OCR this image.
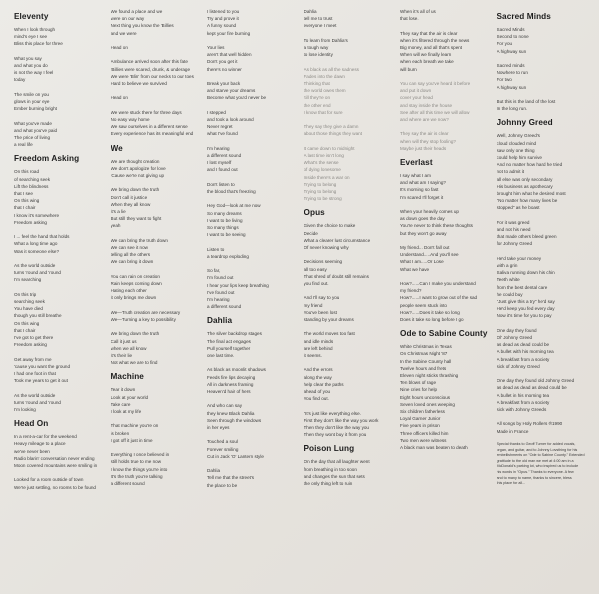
Eleventy
When I look through
mind's eye I see
Bliss this place for three
What you say
and what you do
is not the way I feel
today
The smile on you
glows in your eye
Ember burning bright
What you've made
and what you've paid
The price of living
a real life
Freedom Asking
On this road
of searching seek
Lift the blindness
that I see
On this wing
that I chair
I know it's somewhere
Freedom asking
I ... feel the hand that holds
What a long time ago
Was it someone else?
As the world outside
turns 'round and 'round
I'm searching
On this trip
searching seek
You have died
though you still breathe
On this wing
that I chair
I've got to get there
Freedom asking
Get away from me
'cause you want the ground
I had one foot in that
Took me years to get it out
As the world outside
turns 'round and 'round
I'm looking
Head On
In a rent-a-car for the weekend
Heavy mileage to a place
we've never been
Radio blarin' conversation never ending
Moon covered mountains were smiling in
Looked for a room outside of town
We're just settling, no rooms to be found
We found a place and we
were on our way
Next thing you know the 'Billies
and we were
Head on
Ambulance arrived soon after this fate
'Billies were scared, drunk, & underage
We were 'Blin' from our necks to our toes
Hard to believe we survived
Head on
We were stuck there for three days
No easy way home
We saw ourselves in a different sense
Every experience has its meaningful end
We
We are thought creation
We don't apologize for love
'Cause we're not giving up
We bring down the truth
Don't call it justice
When they all know
it's a lie
But still they want to fight
yeah
We can bring the truth down
We can see it now
telling all the others
We can bring it down
You can rain on creation
Rain keeps coming down
Hating each other
it only brings me down
We—Truth creation are necessary
We—Turning a key to possibility
We bring down the truth
Call it just us
when we all know
it's their lie
Not what we are to find
Machine
Tear it down
Look at your world
Take care
I look at my life
That machine you're on
is broken
I got off it just in time
Everything I once believed in
still holds true to me now
I know the things you're into
It's the truth you're talking
a different sound
I listened to you
Try and prove it
A funny sound
kept your fire burning
Your lies
aren't that well hidden
Don't you get it
there's no winner
Break your back
and starve your dreams
Become what you'd never be
I stepped
and took a look around
Never regret
what I've found
I'm hearing
a different sound
I lost myself
and I found out
Don't listen to
the blood that's freezing
Hey God—look at me now
So many dreams
I want to be living
So many things
I want to be seeing
Listen to
a teardrop exploding
So far,
I'm found out
I hear your lips keep breathing
I've found out
I'm hearing
a different sound
Dahlia
The silver backdrop stages
The final act engages
Pull yourself together
one last time.
As black as moonlit shadows
Feeds fire lips decaying
All in darkness framing
Heaven'd hair of hers
And who can say
they knew Black Dahlia
Seen through the windows
in her eyes
Touched a soul
Forever smiling
Cut in Jack 'O' Lantern style
Dahlia
Tell me that the street's
the place to be
Dahlia
tell me to trust
everyone I meet
To learn from Dahlia's
a tough way
to lose identity
As black as all the sadness
Fades into the dawn
Thinking that
the world owes them
'till they're on
the other end
I know that for sure
They say they give a damn
about those things they want
It came down to midnight
A last time isn't long
What's the sense
of dying lonesome
Inside there's a war on
Trying to belong
Trying to belong
Trying to be strong
Opus
Given the choice to make
Decide
What a clearer lust circumstance
Of never knowing why
Decisions seeming
all too easy
That shred of doubt still remains
you find out.
And I'll say to you
my friend
You've been lost
standing by your dreams
The world moves too fast
and idle minds
are left behind
it seems.
And the errors
along the way
help clear the paths
ahead of you
You find out.
"It's just like everything else.
First they don't like the way you work
Then they don't like the way you
Then they wont buy it from you
Poison Lung
On the day that all laughter went
from breathing in too soon
and changes the sun that sets
the only thing left to ruin
When it's all of us
that lose.
They say that the air is clear
when it's filtered through the news
Big money, and all that's spent
When will we finally learn
when each breath we take
will burn
You can say you've heard it before
and put it down
cover your head
and stay inside the house
See after all this time we will allow
and where are we now?
They say the air is clear
when will they stop fooling?
Maybe just their heads
Everlast
I say what I am
and what am I saying?
It's morning so fast
I'm scared I'll forget it
When your heavily comes up
as down goes the day
You're never to think these thoughts
but they won't go away
My friend... Don't fall out
Understand.....And you'll see
What I am.....Or Lose
What we have
How?......Can I make you understand
my friend?
How?......I want to grow out of the sad
people seem stuck into
How?......Does it take so long
Does it take so long before I go
Ode to Sabine County
White Christmas in Texas
On Christmas Night '87
In the Sabine County hall
Twelve hours and frets
Eleven night sticks thrashing
Ten blows of rage
Nine cries for help
Eight hours unconscious
Seven loved ones weeping
Six children fatherless
Loyal Garner Junior
Five years in prison
Three officers killed him
Two men were witness
A black man was beaten to death
Sacred Minds
Sacred Minds
Second to none
For you
A highway sun
Sacred minds
Nowhere to run
For two
A highway sun
But this is the land of the lost
In the long run.
Johnny Greed
Well, Johnny Greed's
cloud clouded mind
saw only one thing
could help him survive
And no matter how hard he tried
not to admit it
all else was only secondary
His business as apothecary
brought him what he desired most
"No matter how many lives be
stopped" as he boast
For it was greed
and not his need
that made others bleed green
for Johnny Greed
He'd take your money
with a grin
Saliva running down his chin
Teeth white
from the best dental care
he could buy
"Just give this a try" he'd say
He'd keep you fed every day
Now it's time for you to pay
One day they found
Ol' Johnny Greed
as dead as dead could be
A bullet with his morning tea
A breakfast from a society
sick of Johnny Greed
One day they found old Johnny Greed
as dead as dead as dead could be
A bullet in his morning tea
A breakfast from a society
sick with Johnny Greeds
All songs by Holy Rollers ℗1990
Made in France
Special thanks to Geoff Turner for added vocals,
organ, and guitar, and to Johnny Lovsthing for his
embellishments on "Ode to Sabine County." Extended
gratitude to the old man we met at 4:00 am in a
McDonald's parking lot, who inspired us to include
his words in "Opus." Thanks to everyone. A few
and to many to name, thanks to sincere, bless
this place for all...
